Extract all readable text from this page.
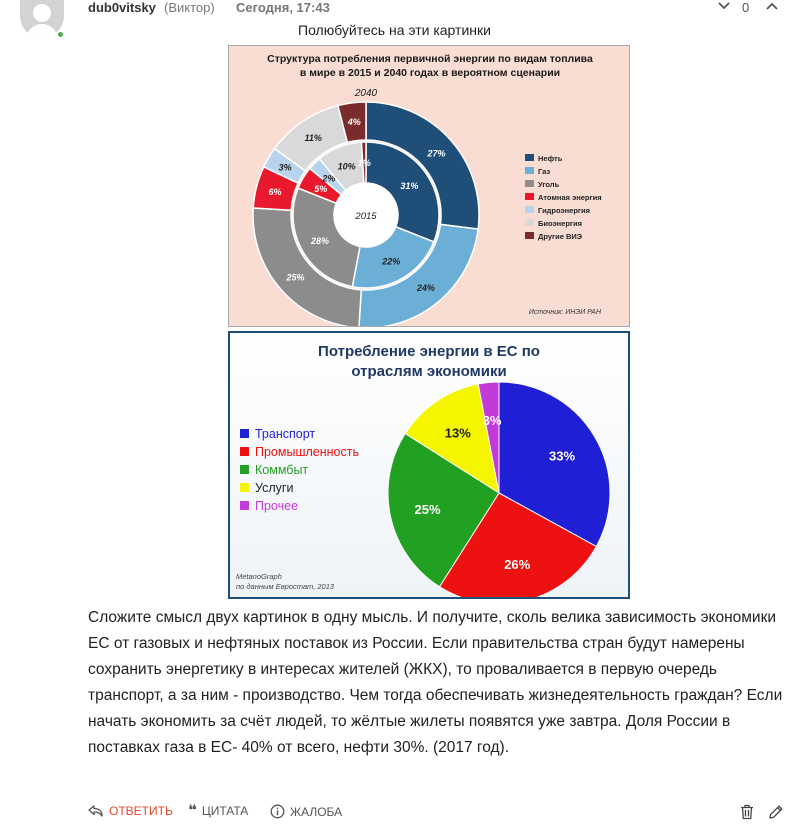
dub0vitsky (Виктор) Сегодня, 17:43	0
Полюбуйтесь на эти картинки
Структура потребления первичной энергии по видам топлива
в мире в 2015 и 2040 годах в вероятном сценарии
2040
27%
24%
25%
6%
3%
11%
4%
31%
22%
28%
5%
2%
10% 1%
2015
Нефть
Газ
Уголь
Атомная энергия
Гидроэнергия
Биоэнергия
Другие ВИЭ
Источник: ИНЭИ РАН
Потребление энергии в ЕС по
отраслям экономики
33%
26%
25%
13%
3%
Транспорт
Промышленность
Коммбыт
Услуги
Прочее
MetanoGraph
по данным Евростат, 2013
Сложите смысл двух картинок в одну мысль. И получите, сколь велика зависимость экономики ЕС от газовых и нефтяных поставок из России. Если правительства стран будут намерены сохранить энергетику в интересах жителей (ЖКХ), то проваливается в первую очередь транспорт, а за ним - производство. Чем тогда обеспечивать жизнедеятельность граждан? Если начать экономить за счёт людей, то жёлтые жилеты появятся уже завтра. Доля России в поставках газа в ЕС- 40% от всего, нефти 30%. (2017 год).
ОТВЕТИТЬ ❝ ЦИТАТА	ЖАЛОБА
